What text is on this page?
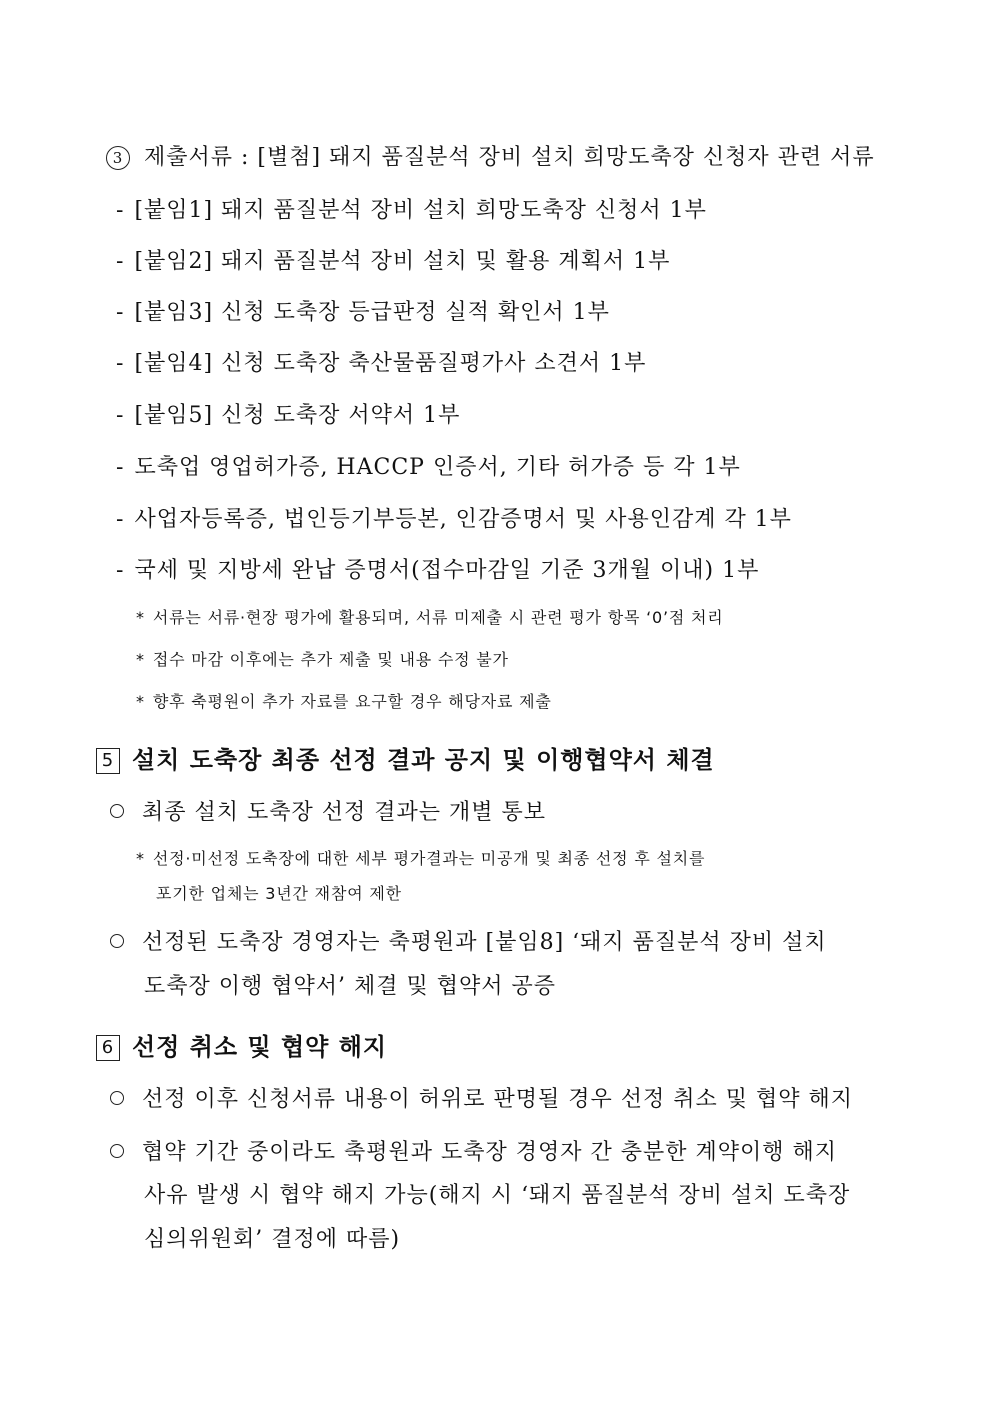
3 제출서류 : [별첨] 돼지 품질분석 장비 설치 희망도축장 신청자 관련 서류
- [붙임1] 돼지 품질분석 장비 설치 희망도축장 신청서 1부
- [붙임2] 돼지 품질분석 장비 설치 및 활용 계획서 1부
- [붙임3] 신청 도축장 등급판정 실적 확인서 1부
- [붙임4] 신청 도축장 축산물품질평가사 소견서 1부
- [붙임5] 신청 도축장 서약서 1부
- 도축업 영업허가증, HACCP 인증서, 기타 허가증 등 각 1부
- 사업자등록증, 법인등기부등본, 인감증명서 및 사용인감계 각 1부
- 국세 및 지방세 완납 증명서(접수마감일 기준 3개월 이내) 1부
* 서류는 서류·현장 평가에 활용되며, 서류 미제출 시 관련 평가 항목 ‘0’점 처리
* 접수 마감 이후에는 추가 제출 및 내용 수정 불가
* 향후 축평원이 추가 자료를 요구할 경우 해당자료 제출
5 설치 도축장 최종 선정 결과 공지 및 이행협약서 체결
최종 설치 도축장 선정 결과는 개별 통보
* 선정·미선정 도축장에 대한 세부 평가결과는 미공개 및 최종 선정 후 설치를
포기한 업체는 3년간 재참여 제한
선정된 도축장 경영자는 축평원과 [붙임8] ‘돼지 품질분석 장비 설치
도축장 이행 협약서’ 체결 및 협약서 공증
6 선정 취소 및 협약 해지
선정 이후 신청서류 내용이 허위로 판명될 경우 선정 취소 및 협약 해지
협약 기간 중이라도 축평원과 도축장 경영자 간 충분한 계약이행 해지
사유 발생 시 협약 해지 가능(해지 시 ‘돼지 품질분석 장비 설치 도축장
심의위원회’ 결정에 따름)
